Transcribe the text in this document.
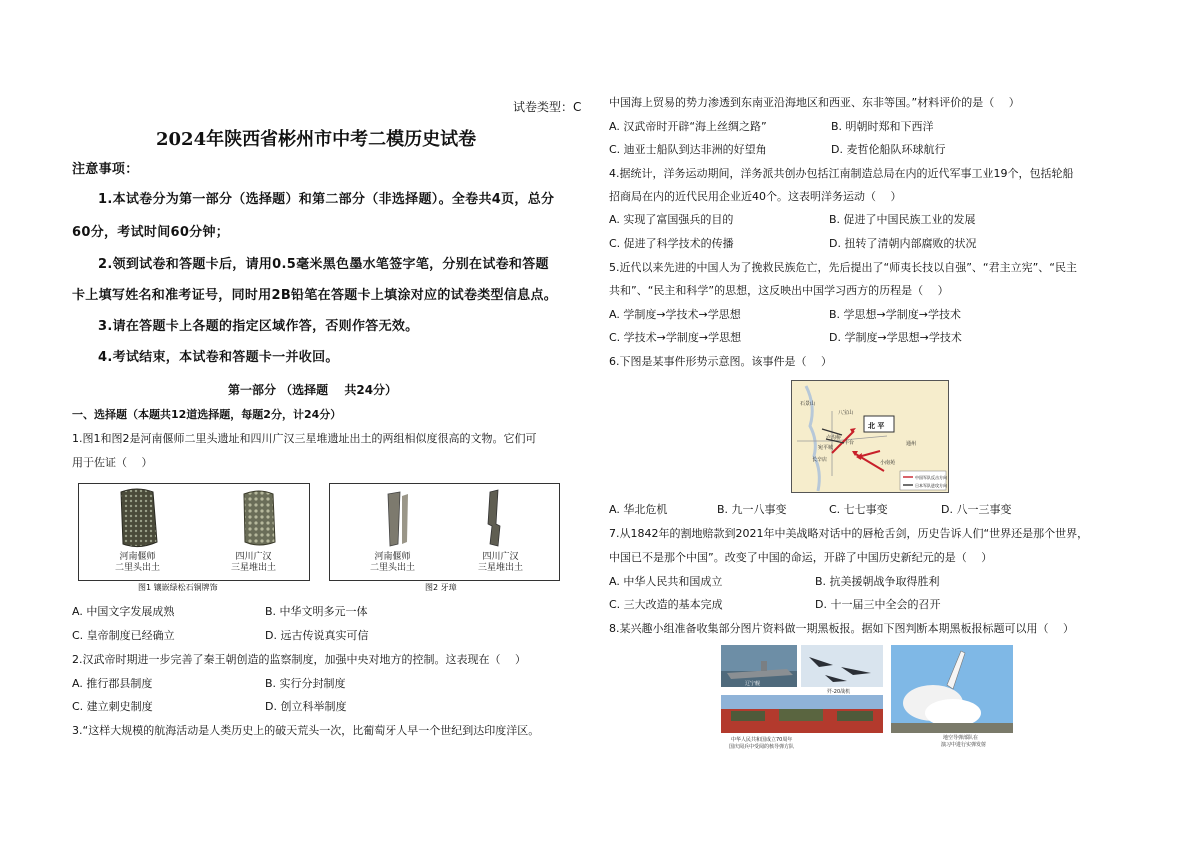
试卷类型：C
2024年陕西省彬州市中考二模历史试卷
注意事项：
1.本试卷分为第一部分（选择题）和第二部分（非选择题）。全卷共4页，总分
60分，考试时间60分钟；
2.领到试卷和答题卡后，请用0.5毫米黑色墨水笔签字笔，分别在试卷和答题
卡上填写姓名和准考证号，同时用2B铅笔在答题卡上填涂对应的试卷类型信息点。
3.请在答题卡上各题的指定区域作答，否则作答无效。
4.考试结束，本试卷和答题卡一并收回。
第一部分 （选择题　 共24分）
一、选择题（本题共12道选择题，每题2分，计24分）
1.图1和图2是河南偃师二里头遗址和四川广汉三星堆遗址出土的两组相似度很高的文物。它们可
用于佐证（　 ）
河南偃师
二里头出土
四川广汉
三星堆出土
图1 镶嵌绿松石铜牌饰
河南偃师
二里头出土
四川广汉
三星堆出土
图2 牙璋
A. 中国文字发展成熟	B. 中华文明多元一体
C. 皇帝制度已经确立	D. 远古传说真实可信
2.汉武帝时期进一步完善了秦王朝创造的监察制度，加强中央对地方的控制。这表现在（　 ）
A. 推行郡县制度	B. 实行分封制度
C. 建立刺史制度	D. 创立科举制度
3.“这样大规模的航海活动是人类历史上的破天荒头一次，比葡萄牙人早一个世纪到达印度洋区。
中国海上贸易的势力渗透到东南亚沿海地区和西亚、东非等国。”材料评价的是（　 ）
A. 汉武帝时开辟“海上丝绸之路”	B. 明朝时郑和下西洋
C. 迪亚士船队到达非洲的好望角	D. 麦哲伦船队环球航行
4.据统计，洋务运动期间，洋务派共创办包括江南制造总局在内的近代军事工业19个，包括轮船
招商局在内的近代民用企业近40个。这表明洋务运动（　 ）
A. 实现了富国强兵的目的	B. 促进了中国民族工业的发展
C. 促进了科学技术的传播	D. 扭转了清朝内部腐败的状况
5.近代以来先进的中国人为了挽救民族危亡，先后提出了“师夷长技以自强”、“君主立宪”、“民主
共和”、“民主和科学”的思想，这反映出中国学习西方的历程是（　 ）
A. 学制度→学技术→学思想	B. 学思想→学制度→学技术
C. 学技术→学制度→学思想	D. 学制度→学思想→学技术
6.下图是某事件形势示意图。该事件是（　 ）
北 平
石景山
八宝山
卢沟桥
宛平城
长辛店
丰台	通州
小南苑
中国军队反击方向
日本军队进攻方向
A. 华北危机	B. 九一八事变	C. 七七事变	D. 八一三事变
7.从1842年的割地赔款到2021年中美战略对话中的唇枪舌剑，历史告诉人们“世界还是那个世界，
中国已不是那个中国”。改变了中国的命运，开辟了中国历史新纪元的是（　 ）
A. 中华人民共和国成立	B. 抗美援朝战争取得胜利
C. 三大改造的基本完成	D. 十一届三中全会的召开
8.某兴趣小组准备收集部分图片资料做一期黑板报。据如下图判断本期黑板报标题可以用（　 ）
辽宁舰
歼-20战机
中华人民共和国成立70周年
国庆阅兵中受阅的核导弹方队
地空导弹部队在
演习中进行实弹发射
